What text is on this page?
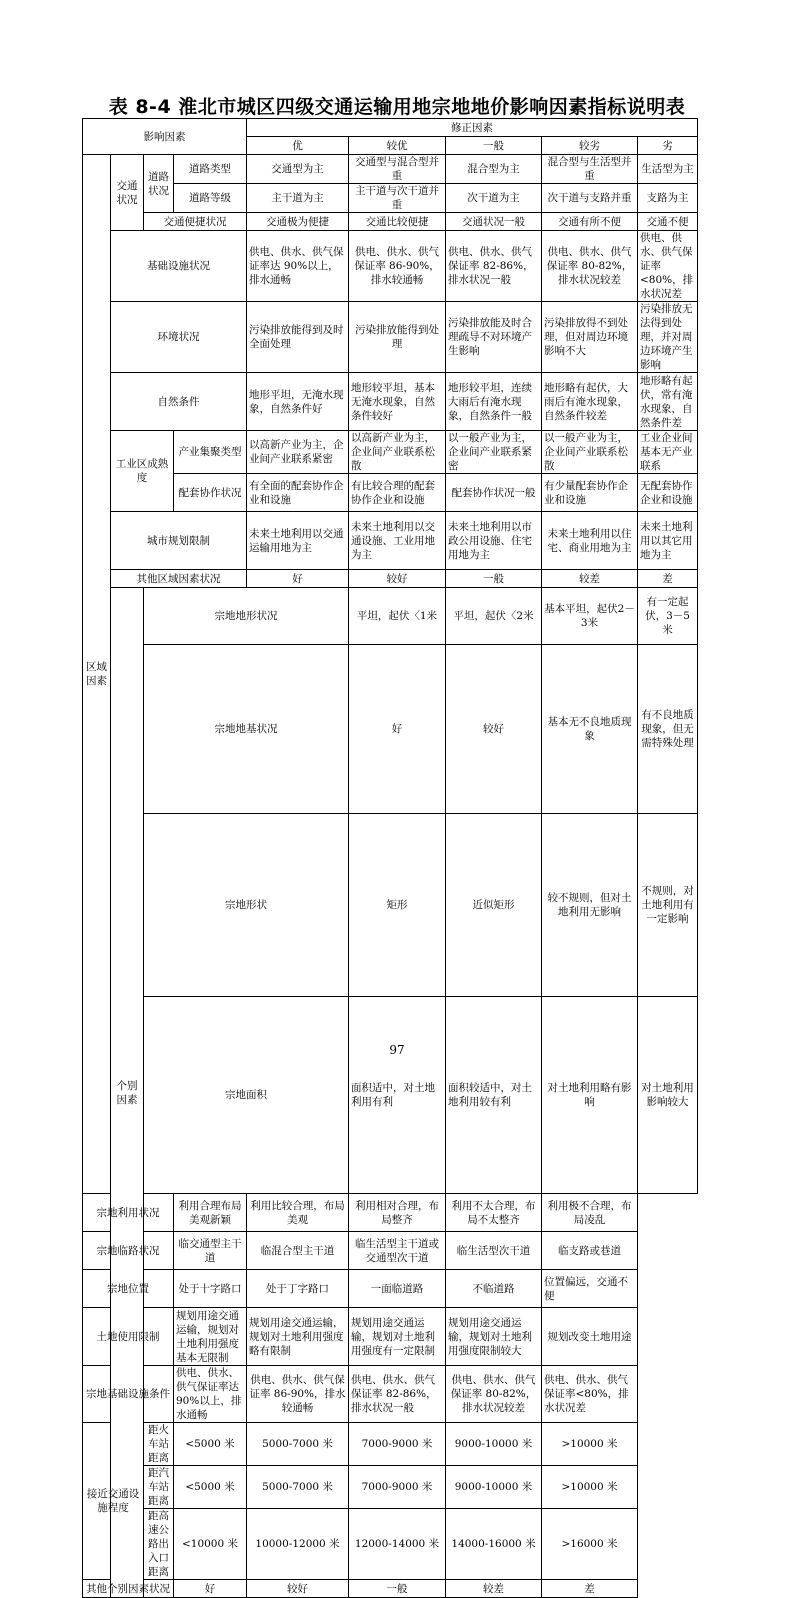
表 8-4 淮北市城区四级交通运输用地宗地地价影响因素指标说明表
影响因素				修正因素					
				优	较优	一般	较劣	劣	
区域因素	交通状况	道路状况	道路类型	交通型为主	交通型与混合型并重	混合型为主	混合型与生活型并重	生活型为主	
			道路等级	主干道为主	主干道与次干道并重	次干道为主	次干道与支路并重	支路为主	
		交通便捷状况		交通极为便捷	交通比较便捷	交通状况一般	交通有所不便	交通不便	
	基础设施状况			供电、供水、供气保证率达 90%以上，排水通畅	供电、供水、供气保证率 86-90%，排水较通畅	供电、供水、供气保证率 82-86%，排水状况一般	供电、供水、供气保证率 80-82%，排水状况较差	供电、供水、供气保证率<80%，排水状况差	
	环境状况			污染排放能得到及时全面处理	污染排放能得到处理	污染排放能及时合理疏导不对环境产生影响	污染排放得不到处理，但对周边环境影响不大	污染排放无法得到处理，并对周边环境产生影响	
	自然条件			地形平坦，无淹水现象，自然条件好	地形较平坦，基本无淹水现象，自然条件较好	地形较平坦，连续大雨后有淹水现象，自然条件一般	地形略有起伏，大雨后有淹水现象，自然条件较差	地形略有起伏，常有淹水现象，自然条件差	
	工业区成熟度		产业集聚类型	以高新产业为主，企业间产业联系紧密	以高新产业为主，企业间产业联系松散	以一般产业为主，企业间产业联系紧密	以一般产业为主，企业间产业联系松散	工业企业间基本无产业联系	
			配套协作状况	有全面的配套协作企业和设施	有比较合理的配套协作企业和设施	配套协作状况一般	有少量配套协作企业和设施	无配套协作企业和设施	
	城市规划限制			未来土地利用以交通运输用地为主	未来土地利用以交通设施、工业用地为主	未来土地利用以市政公用设施、住宅用地为主	未来土地利用以住宅、商业用地为主	未来土地利用以其它用地为主	
	其他区域因素状况			好	较好	一般	较差	差	
	个别因素	宗地地形状况			平坦，起伏〈1米	平坦，起伏〈2米	基本平坦，起伏2－3米	有一定起伏，3－5米	
		宗地地基状况			好	较好	基本无不良地质现象	有不良地质现象，但无需特殊处理	
		宗地形状			矩形	近似矩形	较不规则，但对土地利用无影响	不规则，对土地利用有一定影响	
		宗地面积			面积适中，对土地利用有利	面积较适中，对土地利用较有利	对土地利用略有影响	对土地利用影响较大	
宗地利用状况			利用合理布局美观新颖	利用比较合理，布局美观	利用相对合理，布局整齐	利用不太合理，布局不太整齐	利用极不合理，布局凌乱		
宗地临路状况			临交通型主干道	临混合型主干道	临生活型主干道或交通型次干道	临生活型次干道	临支路或巷道		
宗地位置			处于十字路口	处于丁字路口	一面临道路	不临道路	位置偏远，交通不便		
土地使用限制			规划用途交通运输，规划对土地利用强度基本无限制	规划用途交通运输，规划对土地利用强度略有限制	规划用途交通运输，规划对土地利用强度有一定限制	规划用途交通运输，规划对土地利用强度限制较大	规划改变土地用途		
宗地基础设施条件			供电、供水、供气保证率达 90%以上，排水通畅	供电、供水、供气保证率 86-90%，排水较通畅	供电、供水、供气保证率 82-86%，排水状况一般	供电、供水、供气保证率 80-82%，排水状况较差	供电、供水、供气保证率<80%，排水状况差		
接近交通设施程度		距火车站距离	<5000 米	5000-7000 米	7000-9000 米	9000-10000 米	>10000 米		
		距汽车站距离	<5000 米	5000-7000 米	7000-9000 米	9000-10000 米	>10000 米		
		距高速公路出入口距离	<10000 米	10000-12000 米	12000-14000 米	14000-16000 米	>16000 米		
其他个别因素状况			好	较好	一般	较差	差		
97
